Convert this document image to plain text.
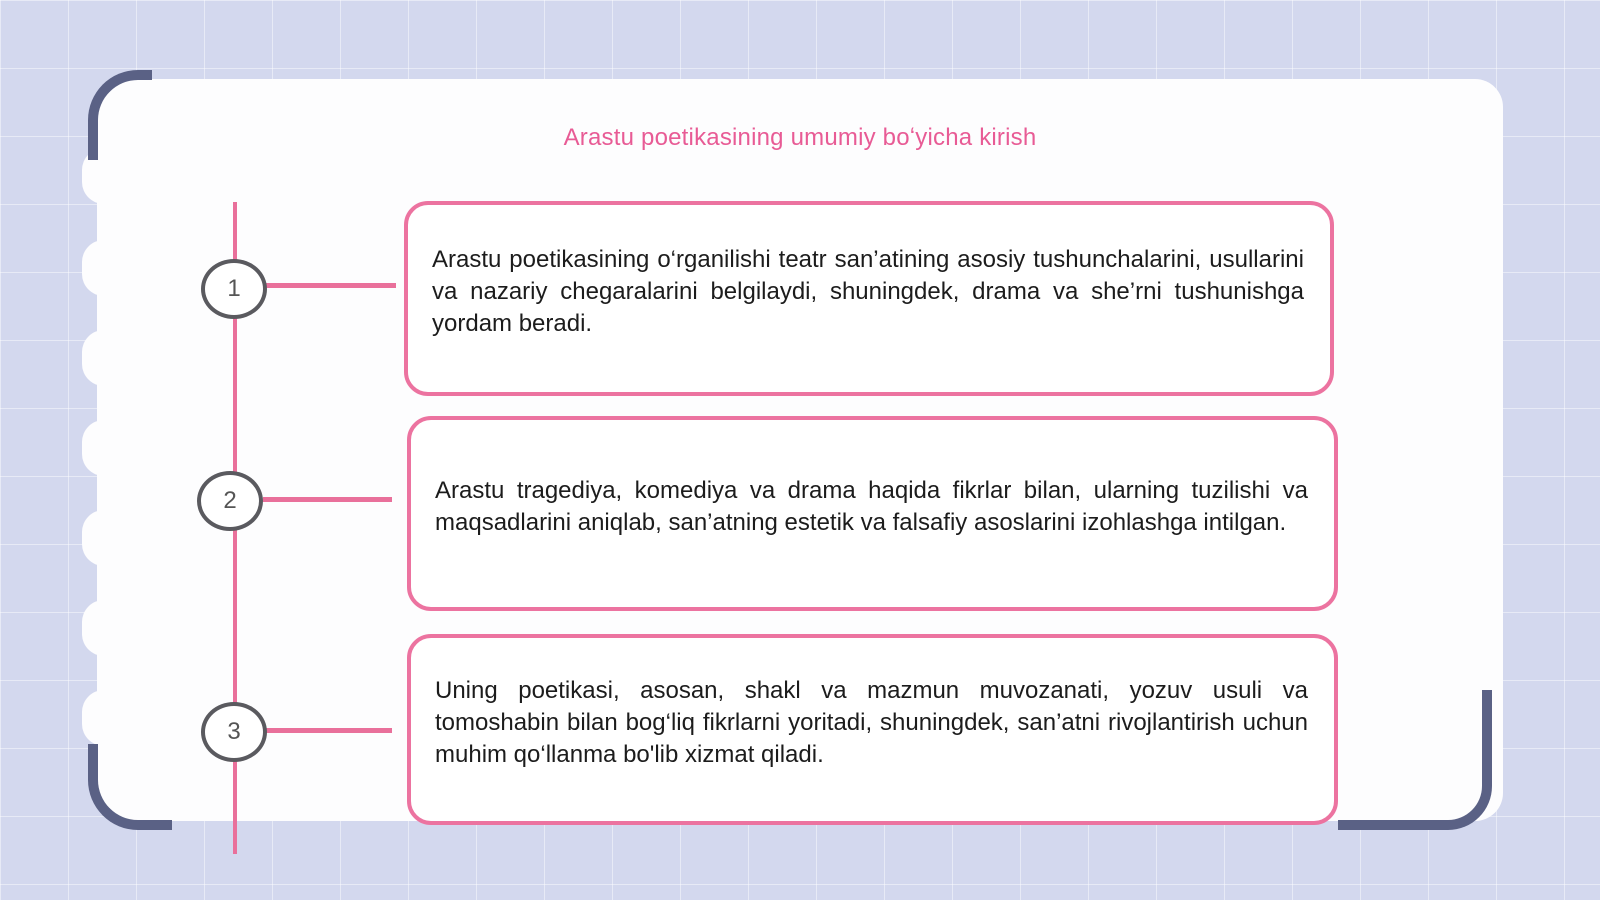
Arastu poetikasining umumiy boʻyicha kirish
1
2
3
Arastu poetikasining o‘rganilishi teatr san’atining asosiy tushunchalarini, usullarini va nazariy chegaralarini belgilaydi, shuningdek, drama va she’rni tushunishga yordam beradi.
Arastu tragediya, komediya va drama haqida fikrlar bilan, ularning tuzilishi va maqsadlarini aniqlab, san’atning estetik va falsafiy asoslarini izohlashga intilgan.
Uning poetikasi, asosan, shakl va mazmun muvozanati, yozuv usuli va tomoshabin bilan bog‘liq fikrlarni yoritadi, shuningdek, san’atni rivojlantirish uchun muhim qo‘llanma bo'lib xizmat qiladi.
